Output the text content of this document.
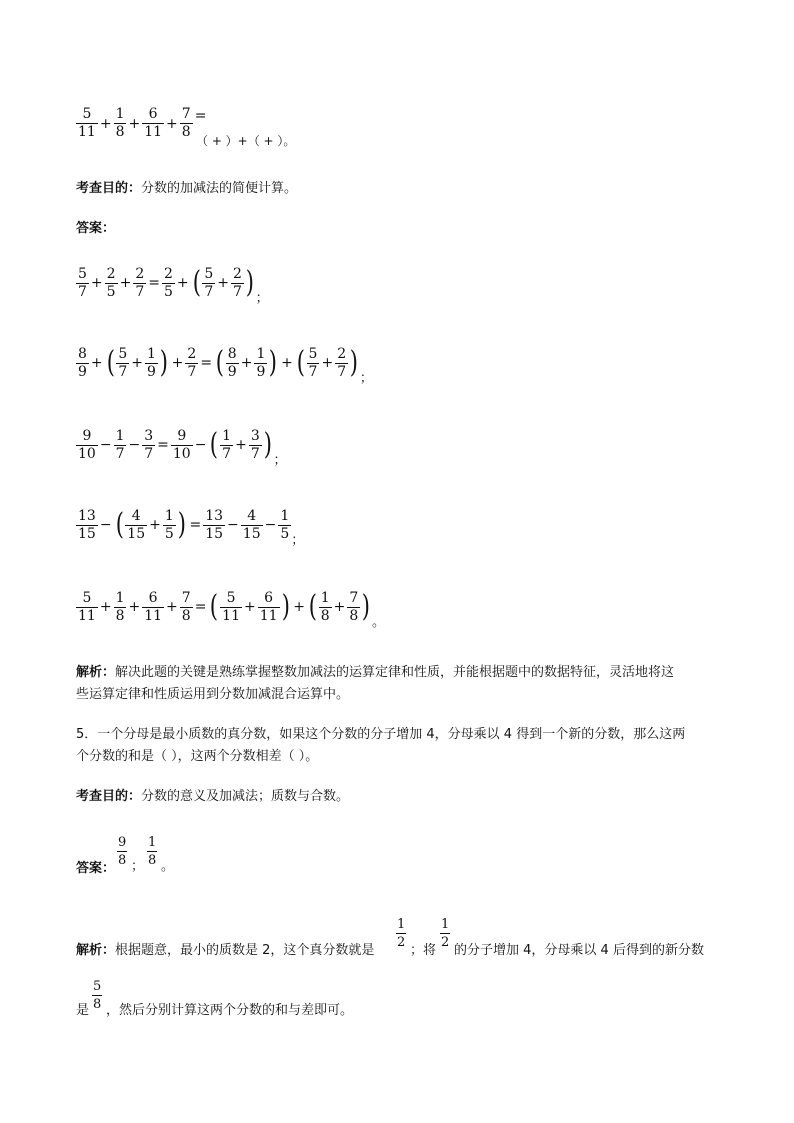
$\frac{5}{11} + \frac{1}{8} + \frac{6}{11} + \frac{7}{8}$ =
（ + ）+（ + ）。
考查目的：分数的加减法的简便计算。
答案：
$\frac{5}{7} + \frac{2}{5} + \frac{2}{7} = \frac{2}{5}$ + ( $\frac{5}{7} + \frac{2}{7}$ ) ；
$\frac{8}{9}$ + ( $\frac{5}{7} + \frac{1}{9}$ ) + $\frac{2}{7}$ = ( $\frac{8}{9} + \frac{1}{9}$ ) + ( $\frac{5}{7} + \frac{2}{7}$ ) ；
$\frac{9}{10} - \frac{1}{7} - \frac{3}{7} = \frac{9}{10}$ − ( $\frac{1}{7} + \frac{3}{7}$ ) ；
$\frac{13}{15}$ − ( $\frac{4}{15} + \frac{1}{5}$ ) = $\frac{13}{15} - \frac{4}{15} - \frac{1}{5}$ ；
$\frac{5}{11} + \frac{1}{8} + \frac{6}{11} + \frac{7}{8}$ = ( $\frac{5}{11} + \frac{6}{11}$ ) + ( $\frac{1}{8} + \frac{7}{8}$ ) 。
解析：解决此题的关键是熟练掌握整数加减法的运算定律和性质，并能根据题中的数据特征，灵活地将这
些运算定律和性质运用到分数加减混合运算中。
5．一个分母是最小质数的真分数，如果这个分数的分子增加 4，分母乘以 4 得到一个新的分数，那么这两
个分数的和是（ ），这两个分数相差（ ）。
考查目的：分数的意义及加减法；质数与合数。
答案：
9
8 ；
1
8 。
解析：根据题意，最小的质数是 2，这个真分数就是
1
2
；将
1
2
的分子增加 4，分母乘以 4 后得到的新分数
是
5
8 ，然后分别计算这两个分数的和与差即可。
